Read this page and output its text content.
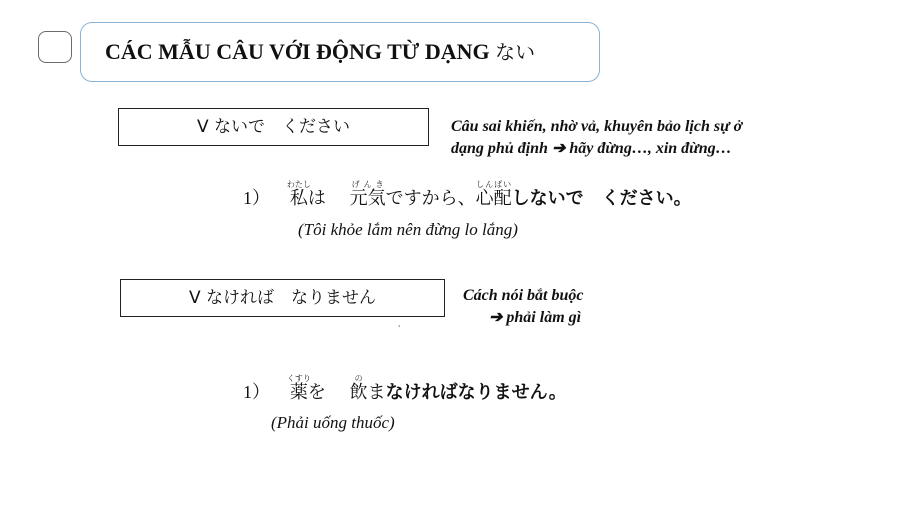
CÁC MẪU CÂU VỚI ĐỘNG TỪ DẠNG ない
V ないで　ください	Câu sai khiến, nhờ vả, khuyên bảo lịch sự ở
dạng phủ định ➔ hãy đừng…, xin đừng…
1） 私わたしは　 元気げんきですから、心配しんぱいしないで　ください。
(Tôi khỏe lắm nên đừng lo lắng)
V なければ　なりません	Cách nói bắt buộc
➔ phải làm gì
'
1） 薬くすりを　 飲のまなければなりません。
(Phải uống thuốc)
